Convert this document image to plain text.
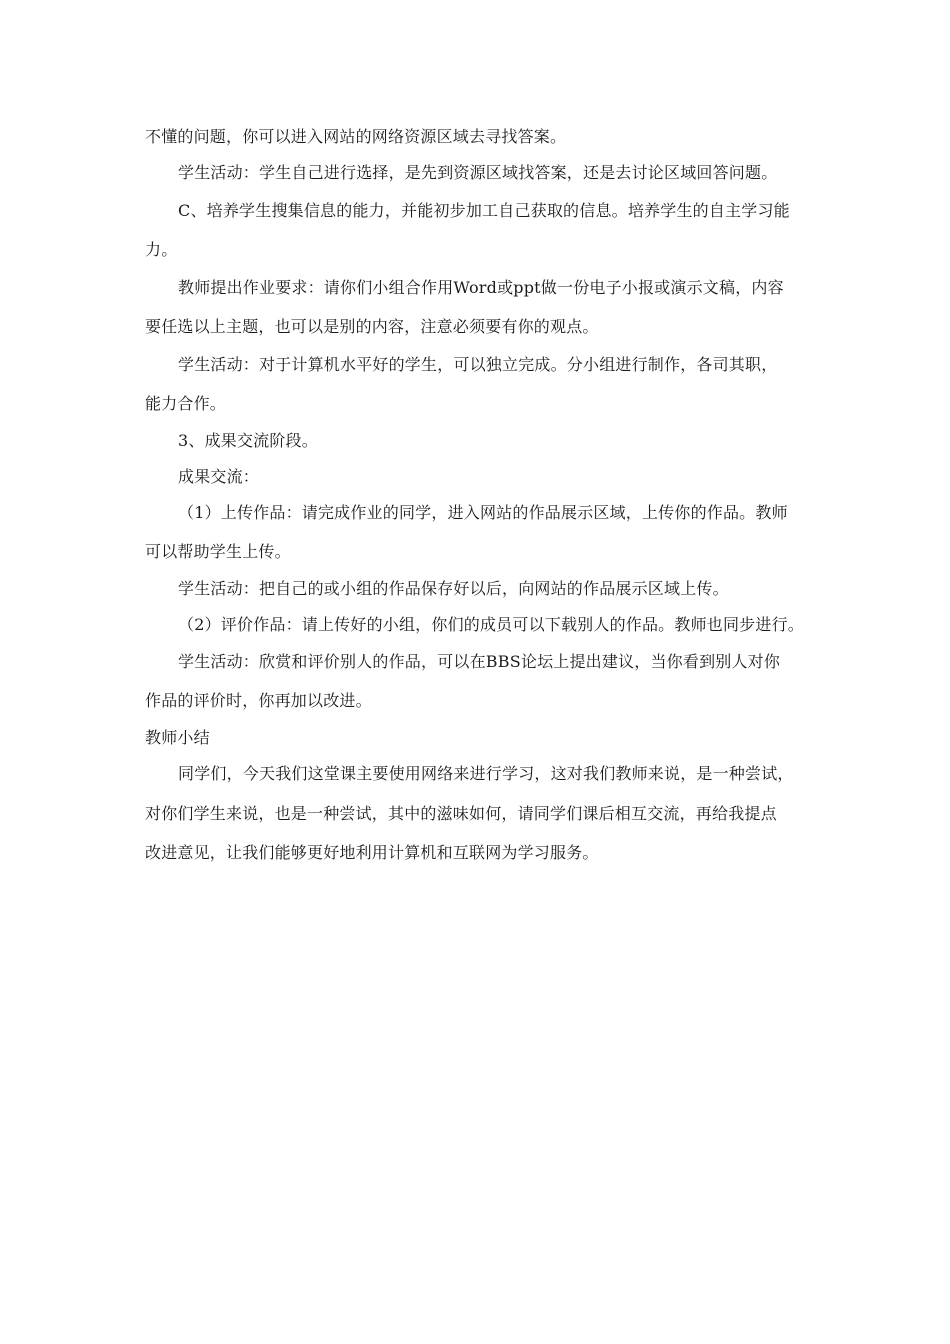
不懂的问题，你可以进入网站的网络资源区域去寻找答案。
学生活动：学生自己进行选择，是先到资源区域找答案，还是去讨论区域回答问题。
C、培养学生搜集信息的能力，并能初步加工自己获取的信息。培养学生的自主学习能
力。
教师提出作业要求：请你们小组合作用Word或ppt做一份电子小报或演示文稿，内容
要任选以上主题，也可以是别的内容，注意必须要有你的观点。
学生活动：对于计算机水平好的学生，可以独立完成。分小组进行制作，各司其职，
能力合作。
3、成果交流阶段。
成果交流：
（1）上传作品：请完成作业的同学，进入网站的作品展示区域，上传你的作品。教师
可以帮助学生上传。
学生活动：把自己的或小组的作品保存好以后，向网站的作品展示区域上传。
（2）评价作品：请上传好的小组，你们的成员可以下载别人的作品。教师也同步进行。
学生活动：欣赏和评价别人的作品，可以在BBS论坛上提出建议，当你看到别人对你
作品的评价时，你再加以改进。
教师小结
同学们，今天我们这堂课主要使用网络来进行学习，这对我们教师来说，是一种尝试，
对你们学生来说，也是一种尝试，其中的滋味如何，请同学们课后相互交流，再给我提点
改进意见，让我们能够更好地利用计算机和互联网为学习服务。
